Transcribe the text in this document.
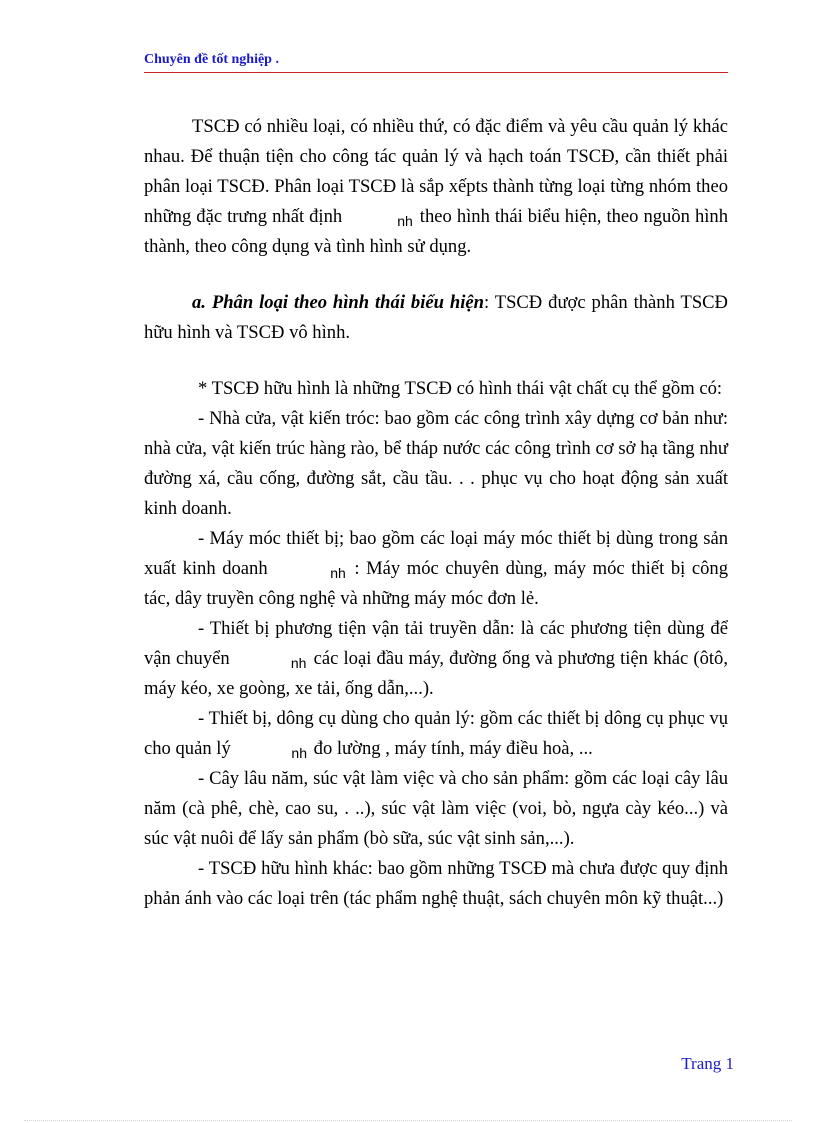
Chuyên đề tốt nghiệp .

TSCĐ có nhiều loại, có nhiều thứ, có đặc điểm và yêu cầu quản lý khác nhau. Để thuận tiện cho công tác quản lý và hạch toán TSCĐ, cần thiết phải phân loại TSCĐ. Phân loại TSCĐ là sắp xếpts thành từng loại từng nhóm theo những đặc trưng nhất định	nh theo hình thái biểu hiện, theo nguồn hình thành, theo công dụng và tình hình sử dụng.

a. Phân loại theo hình thái biểu hiện: TSCĐ được phân thành TSCĐ hữu hình và TSCĐ vô hình.

* TSCĐ hữu hình là những TSCĐ có hình thái vật chất cụ thể gồm có:

- Nhà cửa, vật kiến tróc: bao gồm các công trình xây dựng cơ bản như: nhà cửa, vật kiến trúc hàng rào, bể tháp nước các công trình cơ sở hạ tầng như đường xá, cầu cống, đường sắt, cầu tầu. . . phục vụ cho hoạt động sản xuất kinh doanh.

- Máy móc thiết bị; bao gồm các loại máy móc thiết bị dùng trong sản xuất kinh doanh	nh : Máy móc chuyên dùng, máy móc thiết bị công tác, dây truyền công nghệ và những máy móc đơn lẻ.

- Thiết bị phương tiện vận tải truyền dẫn: là các phương tiện dùng để vận chuyển	nh các loại đầu máy, đường ống và phương tiện khác (ôtô, máy kéo, xe goòng, xe tải, ống dẫn,...).

- Thiết bị, dông cụ dùng cho quản lý: gồm các thiết bị dông cụ phục vụ cho quản lý	nh đo lường , máy tính, máy điều hoà, ...

- Cây lâu năm, súc vật làm việc và cho sản phẩm: gồm các loại cây lâu năm (cà phê, chè, cao su, . ..), súc vật làm việc (voi, bò, ngựa cày kéo...) và súc vật nuôi để lấy sản phẩm (bò sữa, súc vật sinh sản,...).

- TSCĐ hữu hình khác: bao gồm những TSCĐ mà chưa được quy định phản ánh vào các loại trên (tác phẩm nghệ thuật, sách chuyên môn kỹ thuật...)

Trang 1
